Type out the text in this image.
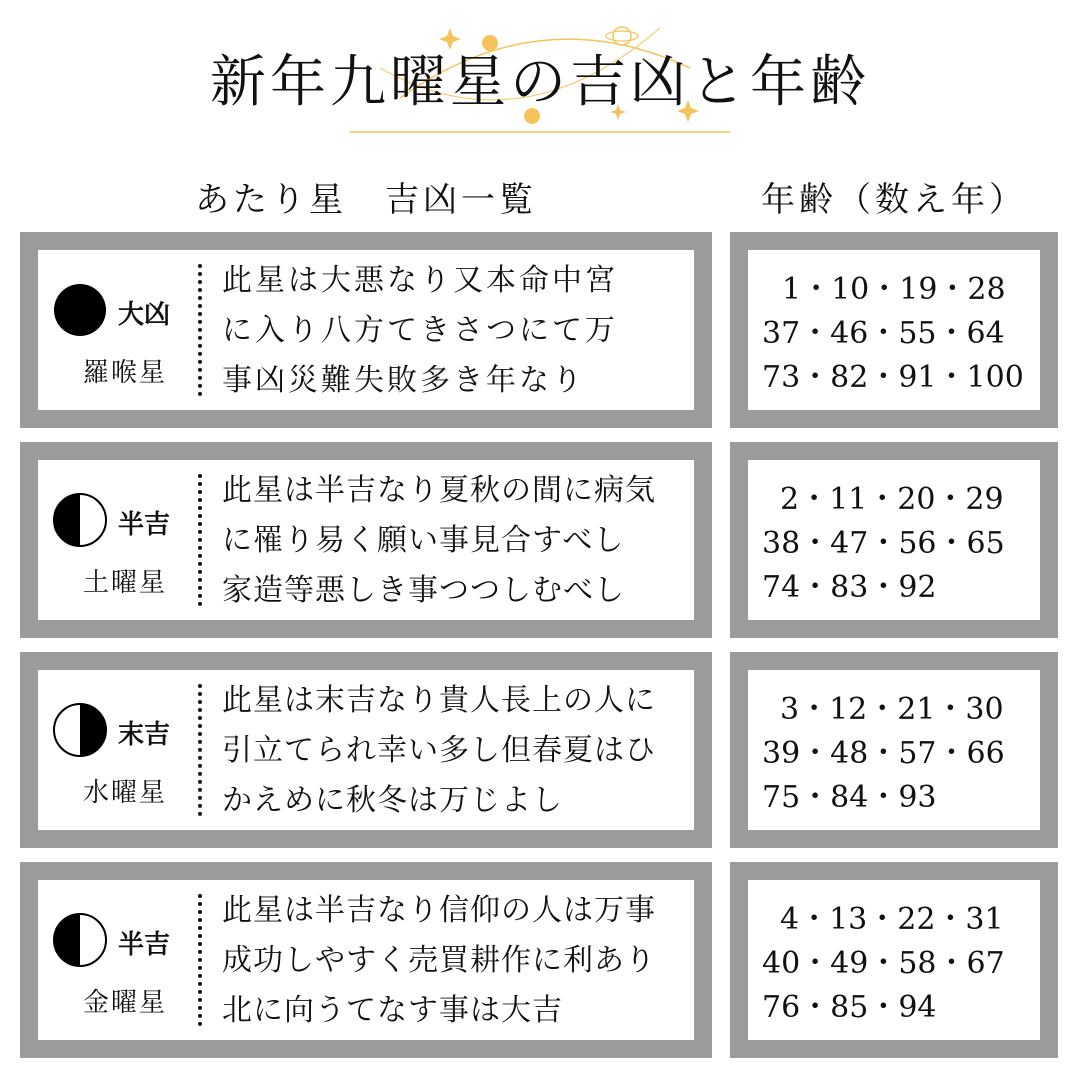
新年九曜星の吉凶と年齢
あたり星　吉凶一覧	年齢（数え年）
大凶
羅喉星
此星は大悪なり又本命中宮
に入り八方てきさつにて万
事凶災難失敗多き年なり
1・10・19・28
37・46・55・64
73・82・91・100
半吉
土曜星
此星は半吉なり夏秋の間に病気
に罹り易く願い事見合すべし
家造等悪しき事つつしむべし
2・11・20・29
38・47・56・65
74・83・92
末吉
水曜星
此星は末吉なり貴人長上の人に
引立てられ幸い多し但春夏はひ
かえめに秋冬は万じよし
3・12・21・30
39・48・57・66
75・84・93
半吉
金曜星
此星は半吉なり信仰の人は万事
成功しやすく売買耕作に利あり
北に向うてなす事は大吉
4・13・22・31
40・49・58・67
76・85・94
